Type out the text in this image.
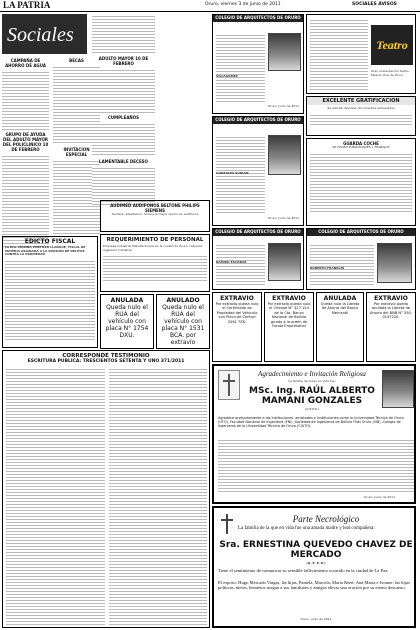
LA PATRIA	Oruro, viernes 3 de junio de 2011	SOCIALES AVISOS
Sociales
CAMPAÑA DE AHORRO DE AGUA
GRUPO DE AYUDA DEL ADULTO MAYOR DEL POLICLINICO 10 DE FEBRERO
BECAS
INVITACION ESPECIAL
ADULTO MAYOR 10 DE FEBRERO
CUMPLEAÑOS
LAMENTABLE DECESO
AUDIMED AUDIFONOS BELTONE PHILIPS SIEMENS
Sordera, adaptacion. Somos la mejor opcion en audifonos
COLEGIO DE ARQUITECTOS DE ORURO
VILLAGOMEZ
Oruro, junio de 2011
COLEGIO DE ARQUITECTOS DE ORURO
GONZALES SURIAM
Oruro, junio de 2011
COLEGIO DE ARQUITECTOS DE ORURO
RAMIRO ESCOBAR
COLEGIO DE ARQUITECTOS DE ORURO
ROBERTO FRANKLIN
Teatro
Gran presentación Teatro Palacio Cine de Oruro
EXCELENTE GRATIFICACION
Se solicita devolver documentos extraviados
GUARDA COCHE
SE HACEN PUBLICIDADES Y TRABAJOS
REQUERIMIENTO DE PERSONAL
Empresa Industrial Manufacturera en la ciudad de Oruro, requiere ingeniero industrial
ANULADA
Queda nulo el RUA del vehículo con placa N° 1754 DXU.
ANULADO
Queda nulo el RUA del vehículo con placa N° 1531 BCA. por extravío
EDICTO FISCAL
La Dra. MARINA PORTILLO LLANQUE, FISCAL DE MATERIA ASIGNADA A LA DIVISION DE DELITOS CONTRA LA PROPIEDAD
CORRESPONDE TESTIMONIO
ESCRITURA PUBLICA: TRESCIENTOS SETENTA Y UNO 371/2011
EXTRAVIO
Por extravío queda nulo el Certificado de Propiedad del Vehículo con Placa de Control 2061 TZK.
EXTRAVIO
Por extravío queda nulo el Cheque N° 327 154 de la Cta. Banco Nacional de Bolivia girado a la orden de Fondo Empresarial
ANULADA
Queda nula la Libreta de Ahorro del Banco Mercantil
EXTRAVIO
Por extravío queda anulada la Libreta de Ahorro del BNB N° 550-0147220.
Agradecimiento e Invitación Religiosa
La familia de quien en vida fue:
MSc. Ing. RAÚL ALBERTO MAMANI GONZALES
(Q.E.P.D.)
Agradece profundamente a las Instituciones, amistades e instituciones como la Universidad Técnica de Oruro (UTO), Facultad Nacional de Ingeniería (FNI), Sociedad de Ingenieros de Bolivia Filial Oruro (SIB), Colegio de Ingenieros de la Universidad Técnica de Oruro (CIUTO).
Oruro, junio de 2011
Parte Necrológico
La familia de la que en vida fue una amada madre y leal compañera:
Sra. ERNESTINA QUEVEDO CHAVEZ DE MERCADO
(Q. E. P. D.)
Tiene el sentimiento de comunicar su sensible fallecimiento ocurrido en la ciudad de La Paz.
El esposo: Hugo Mercado Vargas, las hijas, Pamela, Marcela, Maria René, Ana Maria e Ivonne; las hijas políticas, nietos, bisnietos ruegan a sus familiares y amigos elevar una oración por su eterno descanso.
Oruro, junio de 2011
